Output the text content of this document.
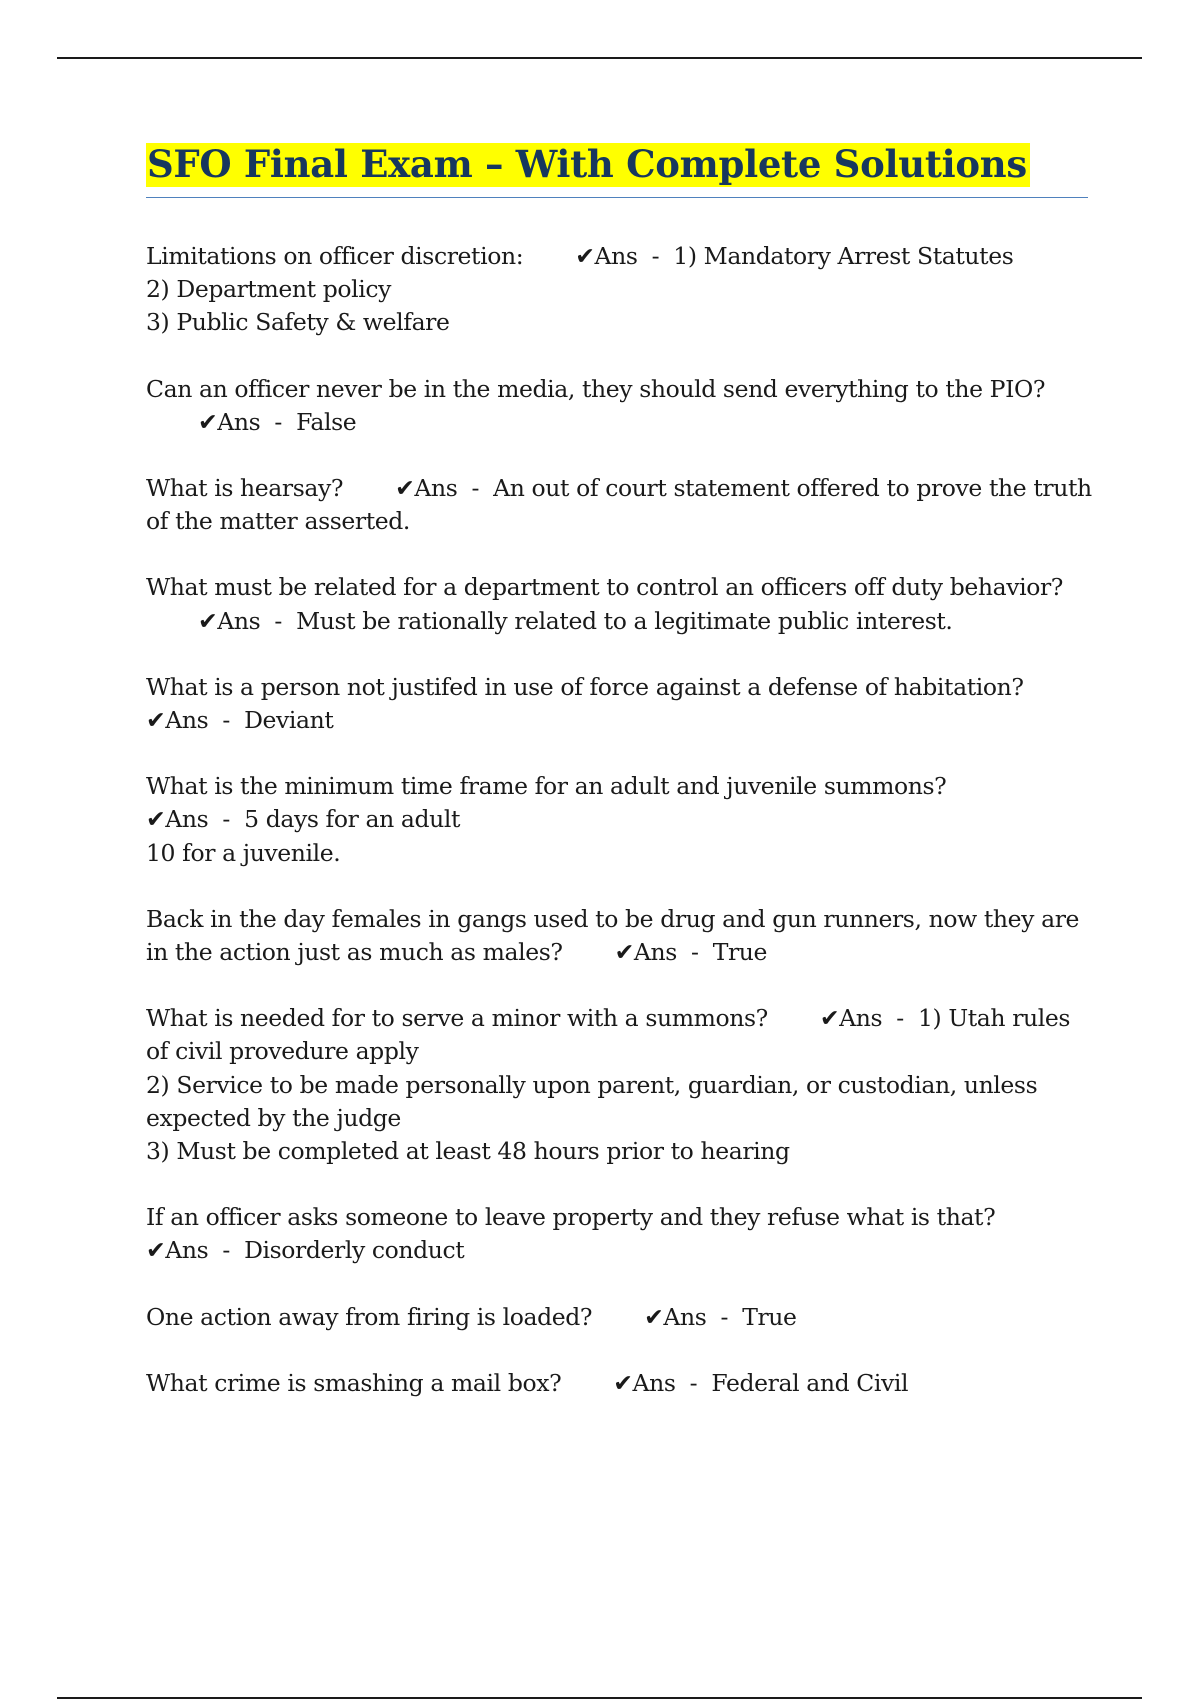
SFO Final Exam – With Complete Solutions
Limitations on officer discretion: ✔Ans  -  1) Mandatory Arrest Statutes
2) Department policy
3) Public Safety & welfare
Can an officer never be in the media, they should send everything to the PIO?✔Ans  -  False
What is hearsay? ✔Ans  -  An out of court statement offered to prove the truth of the matter asserted.
What must be related for a department to control an officers off duty behavior?✔Ans  -  Must be rationally related to a legitimate public interest.
What is a person not justifed in use of force against a defense of habitation?✔Ans  -  Deviant
What is the minimum time frame for an adult and juvenile summons?✔Ans  -  5 days for an adult
10 for a juvenile.
Back in the day females in gangs used to be drug and gun runners, now they are in the action just as much as males? ✔Ans  -  True
What is needed for to serve a minor with a summons? ✔Ans  -  1) Utah rules of civil provedure apply
2) Service to be made personally upon parent, guardian, or custodian, unless expected by the judge
3) Must be completed at least 48 hours prior to hearing
If an officer asks someone to leave property and they refuse what is that?✔Ans  -  Disorderly conduct
One action away from firing is loaded? ✔Ans  -  True
What crime is smashing a mail box? ✔Ans  -  Federal and Civil
